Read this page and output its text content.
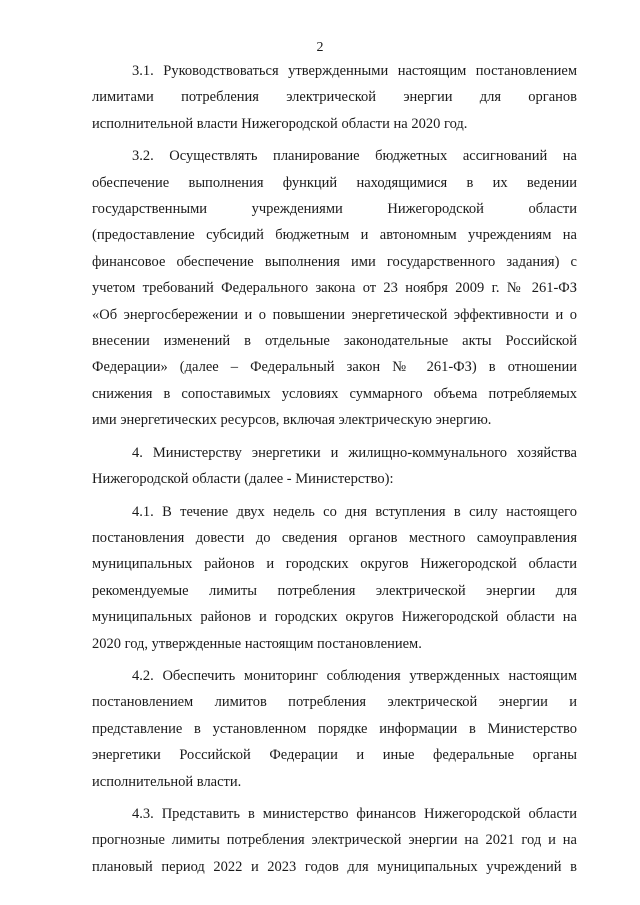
2
3.1. Руководствоваться утвержденными настоящим постановлением
лимитами потребления электрической энергии для органов
исполнительной власти Нижегородской области на 2020 год.
3.2. Осуществлять планирование бюджетных ассигнований на
обеспечение выполнения функций находящимися в их ведении
государственными учреждениями Нижегородской области
(предоставление субсидий бюджетным и автономным учреждениям на
финансовое обеспечение выполнения ими государственного задания) с
учетом требований Федерального закона от 23 ноября 2009 г. № 261-ФЗ
«Об энергосбережении и о повышении энергетической эффективности и о
внесении изменений в отдельные законодательные акты Российской
Федерации» (далее – Федеральный закон № 261-ФЗ) в отношении
снижения в сопоставимых условиях суммарного объема потребляемых
ими энергетических ресурсов, включая электрическую энергию.
4. Министерству энергетики и жилищно-коммунального хозяйства
Нижегородской области (далее - Министерство):
4.1. В течение двух недель со дня вступления в силу настоящего
постановления довести до сведения органов местного самоуправления
муниципальных районов и городских округов Нижегородской области
рекомендуемые лимиты потребления электрической энергии для
муниципальных районов и городских округов Нижегородской области на
2020 год, утвержденные настоящим постановлением.
4.2. Обеспечить мониторинг соблюдения утвержденных настоящим
постановлением лимитов потребления электрической энергии и
представление в установленном порядке информации в Министерство
энергетики Российской Федерации и иные федеральные органы
исполнительной власти.
4.3. Представить в министерство финансов Нижегородской области
прогнозные лимиты потребления электрической энергии на 2021 год и на
плановый период 2022 и 2023 годов для муниципальных учреждений в
